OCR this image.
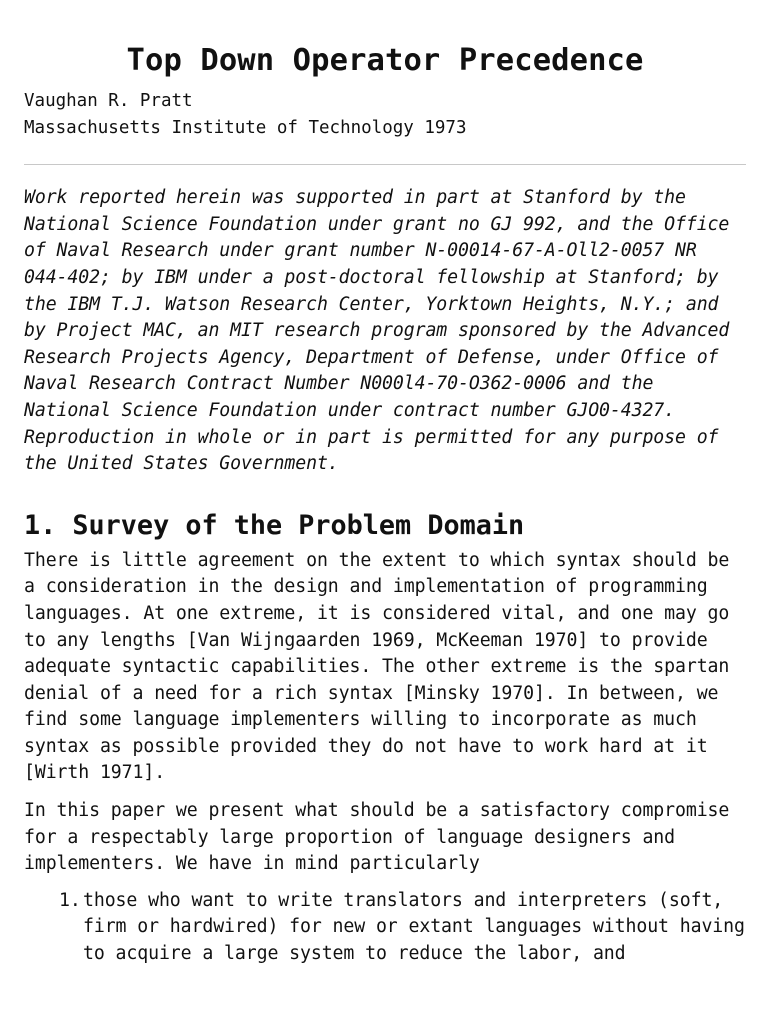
Top Down Operator Precedence
Vaughan R. Pratt
Massachusetts Institute of Technology 1973
Work reported herein was supported in part at Stanford by the National Science Foundation under grant no GJ 992, and the Office of Naval Research under grant number N-00014-67-A-Oll2-0057 NR 044-402; by IBM under a post-doctoral fellowship at Stanford; by the IBM T.J. Watson Research Center, Yorktown Heights, N.Y.; and by Project MAC, an MIT research program sponsored by the Advanced Research Projects Agency, Department of Defense, under Office of Naval Research Contract Number N000l4-70-O362-0006 and the National Science Foundation under contract number GJO0-4327. Reproduction in whole or in part is permitted for any purpose of the United States Government.
1. Survey of the Problem Domain
There is little agreement on the extent to which syntax should be a consideration in the design and implementation of programming languages. At one extreme, it is considered vital, and one may go to any lengths [Van Wijngaarden 1969, McKeeman 1970] to provide adequate syntactic capabilities. The other extreme is the spartan denial of a need for a rich syntax [Minsky 1970]. In between, we find some language implementers willing to incorporate as much syntax as possible provided they do not have to work hard at it [Wirth 1971].
In this paper we present what should be a satisfactory compromise for a respectably large proportion of language designers and implementers. We have in mind particularly
1. those who want to write translators and interpreters (soft, firm or hardwired) for new or extant languages without having to acquire a large system to reduce the labor, and
